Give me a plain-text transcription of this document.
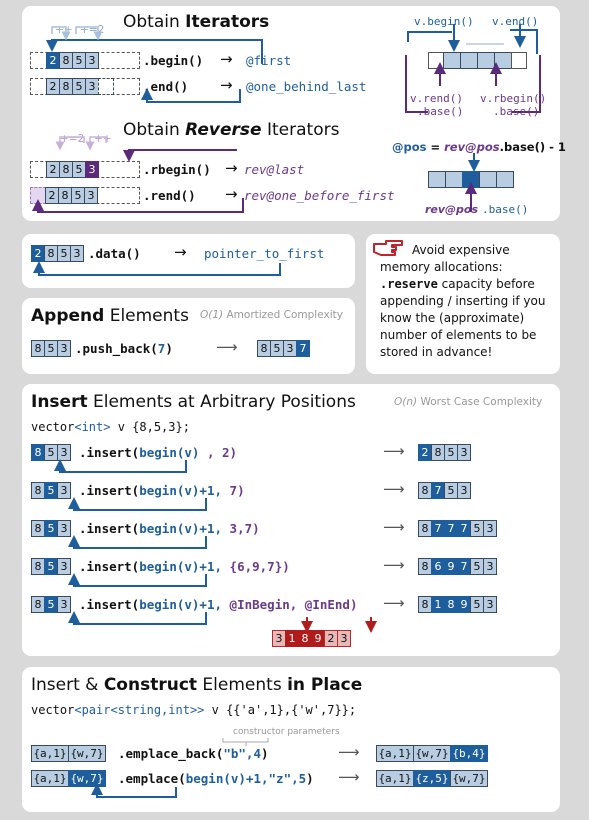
Obtain Iterators
++ +=2
2 8 5 3	.begin() → @first
2 8 5 3	.end() → @one_behind_last
Obtain Reverse Iterators
+=2 ++
2 8 5 3	.rbegin() → rev@last
2 8 5 3	.rend() → rev@one_before_first
v.begin() v.end()
v.rend()
.base()
v.rbegin()
.base()
@pos = rev@pos.base() - 1
rev@pos .base()
2 8 5 3 .data() → pointer_to_first	Avoid expensive
memory allocations:
.reserve capacity before
appending / inserting if you
know the (approximate)
number of elements to be
stored in advance!
Append Elements O(1) Amortized Complexity
8 5 3 .push_back(7)	⟶	8 5 3 7
Insert Elements at Arbitrary Positions	O(n) Worst Case Complexity
vector<int> v {8,5,3};
8 5 3 .insert(begin(v) , 2)	⟶	2 8 5 3
8 5 3 .insert(begin(v)+1, 7)	⟶	8 7 5 3
8 5 3 .insert(begin(v)+1, 3,7)	⟶	8 7 7 7 5 3
8 5 3 .insert(begin(v)+1, {6,9,7})	⟶	8 6 9 7 5 3
8 5 3 .insert(begin(v)+1, @InBegin, @InEnd) ⟶	8 1 8 9 5 3
3 1 8 9 2 3
Insert & Construct Elements in Place
vector<pair<string,int>> v {{'a',1},{'w',7}};
constructor parameters
{a,1} {w,7} .emplace_back("b",4)	⟶ {a,1} {w,7} {b,4}
{a,1} {w,7} .emplace(begin(v)+1,"z",5) ⟶ {a,1} {z,5} {w,7}
